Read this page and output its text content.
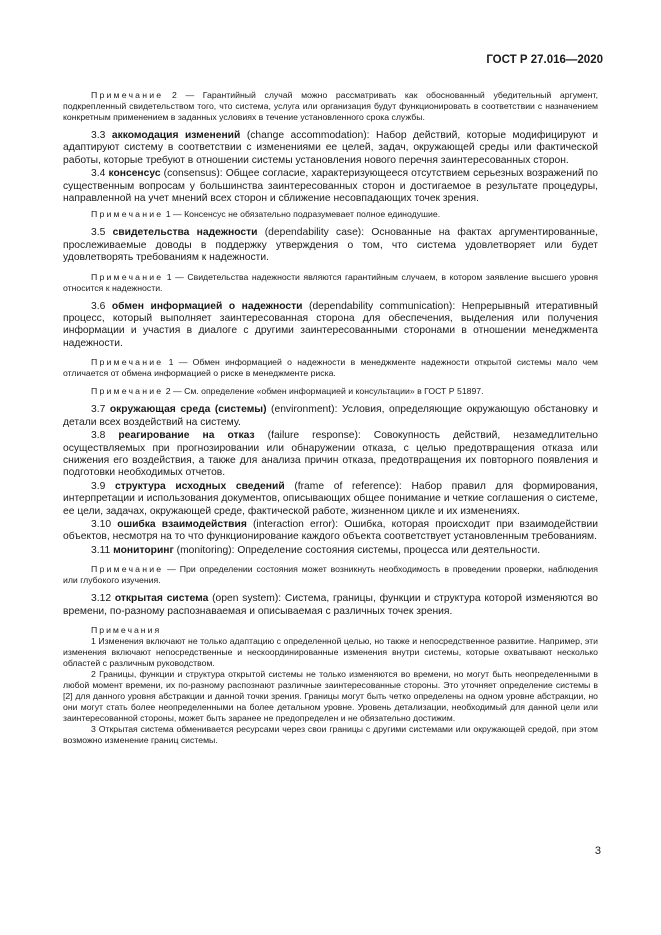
ГОСТ Р 27.016—2020

Примечание 2 — Гарантийный случай можно рассматривать как обоснованный убедительный аргумент, подкрепленный свидетельством того, что система, услуга или организация будут функционировать в соответствии с назначением конкретным применением в заданных условиях в течение установленного срока службы.

3.3 аккомодация изменений (change accommodation): Набор действий, которые модифицируют и адаптируют систему в соответствии с изменениями ее целей, задач, окружающей среды или фактической работы, которые требуют в отношении системы установления нового перечня заинтересованных сторон.

3.4 консенсус (consensus): Общее согласие, характеризующееся отсутствием серьезных возражений по существенным вопросам у большинства заинтересованных сторон и достигаемое в результате процедуры, направленной на учет мнений всех сторон и сближение несовпадающих точек зрения.

Примечание 1 — Консенсус не обязательно подразумевает полное единодушие.

3.5 свидетельства надежности (dependability case): Основанные на фактах аргументированные, прослеживаемые доводы в поддержку утверждения о том, что система удовлетворяет или будет удовлетворять требованиям к надежности.

Примечание 1 — Свидетельства надежности являются гарантийным случаем, в котором заявление высшего уровня относится к надежности.

3.6 обмен информацией о надежности (dependability communication): Непрерывный итеративный процесс, который выполняет заинтересованная сторона для обеспечения, выделения или получения информации и участия в диалоге с другими заинтересованными сторонами в отношении менеджмента надежности.

Примечание 1 — Обмен информацией о надежности в менеджменте надежности открытой системы мало чем отличается от обмена информацией о риске в менеджменте риска.

Примечание 2 — См. определение «обмен информацией и консультации» в ГОСТ Р 51897.

3.7 окружающая среда (системы) (environment): Условия, определяющие окружающую обстановку и детали всех воздействий на систему.

3.8 реагирование на отказ (failure response): Совокупность действий, незамедлительно осуществляемых при прогнозировании или обнаружении отказа, с целью предотвращения отказа или снижения его воздействия, а также для анализа причин отказа, предотвращения их повторного появления и подготовки необходимых отчетов.

3.9 структура исходных сведений (frame of reference): Набор правил для формирования, интерпретации и использования документов, описывающих общее понимание и четкие соглашения о системе, ее цели, задачах, окружающей среде, фактической работе, жизненном цикле и их изменениях.

3.10 ошибка взаимодействия (interaction error): Ошибка, которая происходит при взаимодействии объектов, несмотря на то что функционирование каждого объекта соответствует установленным требованиям.

3.11 мониторинг (monitoring): Определение состояния системы, процесса или деятельности.

Примечание — При определении состояния может возникнуть необходимость в проведении проверки, наблюдения или глубокого изучения.

3.12 открытая система (open system): Система, границы, функции и структура которой изменяются во времени, по-разному распознаваемая и описываемая с различных точек зрения.

Примечания

1 Изменения включают не только адаптацию с определенной целью, но также и непосредственное развитие. Например, эти изменения включают непосредственные и нескоординированные изменения внутри системы, которые охватывают несколько областей с различным руководством.

2 Границы, функции и структура открытой системы не только изменяются во времени, но могут быть неопределенными в любой момент времени, их по-разному распознают различные заинтересованные стороны. Это уточняет определение системы в [2] для данного уровня абстракции и данной точки зрения. Границы могут быть четко определены на одном уровне абстракции, но они могут стать более неопределенными на более детальном уровне. Уровень детализации, необходимый для данной цели или заинтересованной стороны, может быть заранее не предопределен и не обязательно достижим.

3 Открытая система обменивается ресурсами через свои границы с другими системами или окружающей средой, при этом возможно изменение границ системы.

3
